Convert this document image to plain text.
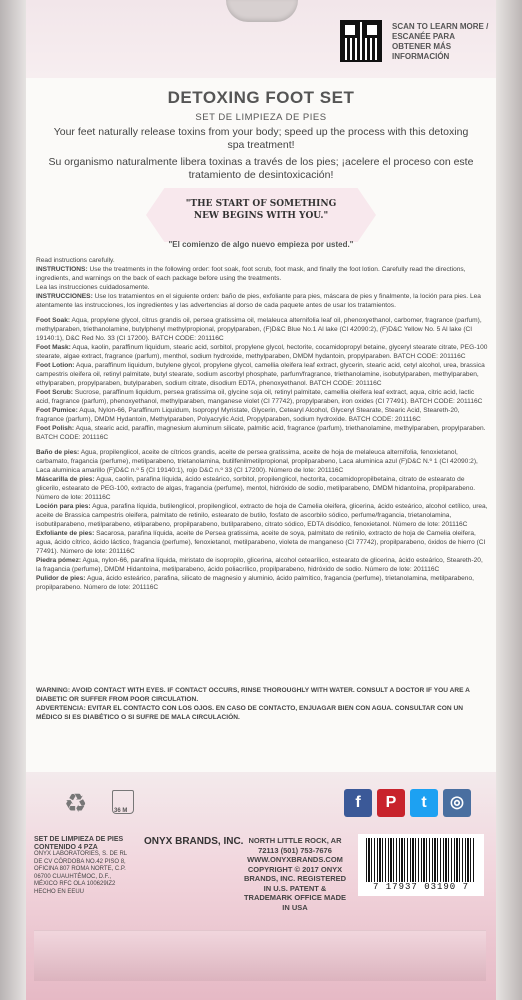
SCAN TO LEARN MORE / ESCANÉE PARA OBTENER MÁS INFORMACIÓN
DETOXING FOOT SET
SET DE LIMPIEZA DE PIES
Your feet naturally release toxins from your body; speed up the process with this detoxing spa treatment!
Su organismo naturalmente libera toxinas a través de los pies; ¡acelere el proceso con este tratamiento de desintoxicación!
"THE START OF SOMETHING NEW BEGINS WITH YOU."
"El comienzo de algo nuevo empieza por usted."

Read instructions carefully.

INSTRUCTIONS: Use the treatments in the following order: foot soak, foot scrub, foot mask, and finally the foot lotion. Carefully read the directions, ingredients, and warnings on the back of each package before using the treatments.

Lea las instrucciones cuidadosamente.

INSTRUCCIONES: Use los tratamientos en el siguiente orden: baño de pies, exfoliante para pies, máscara de pies y finalmente, la loción para pies. Lea atentamente las instrucciones, los ingredientes y las advertencias al dorso de cada paquete antes de usar los tratamientos.

Foot Soak: Aqua, propylene glycol, citrus grandis oil, persea gratissima oil, melaleuca alternifolia leaf oil, phenoxyethanol, carbomer, fragrance (parfum), methylparaben, triethanolamine, butylphenyl methylpropional, propylparaben, (F)D&C Blue No.1 Al lake (CI 42090:2), (F)D&C Yellow No. 5 Al lake (CI 19140:1), D&C Red No. 33 (CI 17200). BATCH CODE: 201116C

Foot Mask: Aqua, kaolin, paraffinum liquidum, stearic acid, sorbitol, propylene glycol, hectorite, cocamidopropyl betaine, glyceryl stearate citrate, PEG-100 stearate, algae extract, fragrance (parfum), menthol, sodium hydroxide, methylparaben, DMDM hydantoin, propylparaben. BATCH CODE: 201116C

Foot Lotion: Aqua, paraffinum liquidum, butylene glycol, propylene glycol, camellia oleifera leaf extract, glycerin, stearic acid, cetyl alcohol, urea, brassica campestris oleifera oil, retinyl palmitate, butyl stearate, sodium ascorbyl phosphate, parfum/fragrance, triethanolamine, isobutylparaben, methylparaben, ethylparaben, propylparaben, butylparaben, sodium citrate, disodium EDTA, phenoxyethanol. BATCH CODE: 201116C

Foot Scrub: Sucrose, paraffinum liquidum, persea gratissima oil, glycine soja oil, retinyl palmitate, camellia oleifera leaf extract, aqua, citric acid, lactic acid, fragrance (parfum), phenoxyethanol, methylparaben, manganese violet (CI 77742), propylparaben, iron oxides (CI 77491). BATCH CODE: 201116C

Foot Pumice: Aqua, Nylon-66, Paraffinum Liquidum, Isopropyl Myristate, Glycerin, Cetearyl Alcohol, Glyceryl Stearate, Stearic Acid, Steareth-20, fragrance (parfum), DMDM Hydantoin, Methylparaben, Polyacrylic Acid, Propylparaben, sodium hydroxide. BATCH CODE: 201116C

Foot Polish: Aqua, stearic acid, paraffin, magnesium aluminum silicate, palmitic acid, fragrance (parfum), triethanolamine, methylparaben, propylparaben. BATCH CODE: 201116C

Baño de pies: Agua, propilenglicol, aceite de cítricos grandis, aceite de persea gratissima, aceite de hoja de melaleuca alternifolia, fenoxietanol, carbamato, fragancia (perfume), metilparabeno, trietanolamina, butilfenilmetilpropional, propilparabeno, Laca aluminica azul (F)D&C N.º 1 (CI 42090:2), Laca aluminica amarillo (F)D&C n.º 5 (CI 19140:1), rojo D&C n.º 33 (CI 17200). Número de lote: 201116C

Máscarilla de pies: Agua, caolín, parafina líquida, ácido esteárico, sorbitol, propilenglicol, hectorita, cocamidopropilbetaina, citrato de estearato de glicerilo, estearato de PEG-100, extracto de algas, fragancia (perfume), mentol, hidróxido de sodio, metilparabeno, DMDM hidantoína, propilparabeno. Número de lote: 201116C

Loción para pies: Agua, parafina líquida, butilenglicol, propilenglicol, extracto de hoja de Camelia oleifera, glicerina, ácido esteárico, alcohol cetílico, urea, aceite de Brassica campestris oleifera, palmitato de retinilo, estearato de butilo, fosfato de ascorbilo sódico, perfume/fragancia, trietanolamina, isobutilparabeno, metilparabeno, etilparabeno, propilparabeno, butilparabeno, citrato sódico, EDTA disódico, fenoxietanol. Número de lote: 201116C

Exfoliante de pies: Sacarosa, parafina líquida, aceite de Persea gratissima, aceite de soya, palmitato de retinilo, extracto de hoja de Camelia oleifera, agua, ácido cítrico, ácido láctico, fragancia (perfume), fenoxietanol, metilparabeno, violeta de manganeso (CI 77742), propilparabeno, óxidos de hierro (CI 77491). Número de lote: 201116C

Piedra pómez: Agua, nylon-66, parafina líquida, miristato de isopropilo, glicerina, alcohol cetearílico, estearato de glicerina, ácido esteárico, Steareth-20, la fragancia (perfume), DMDM Hidantoína, metilparabeno, ácido poliacrílico, propilparabeno, hidróxido de sodio. Número de lote: 201116C

Pulidor de pies: Agua, ácido esteárico, parafina, silicato de magnesio y aluminio, ácido palmítico, fragancia (perfume), trietanolamina, metilparabeno, propilparabeno. Número de lote: 201116C

WARNING: AVOID CONTACT WITH EYES. IF CONTACT OCCURS, RINSE THOROUGHLY WITH WATER. CONSULT A DOCTOR IF YOU ARE A DIABETIC OR SUFFER FROM POOR CIRCULATION.

ADVERTENCIA: EVITAR EL CONTACTO CON LOS OJOS. EN CASO DE CONTACTO, ENJUAGAR BIEN CON AGUA. CONSULTAR CON UN MÉDICO SI ES DIABÉTICO O SI SUFRE DE MALA CIRCULACIÓN.

♻	36 M	f	P	t	◎
SET DE LIMPIEZA DE PIES
CONTENIDO 4 PZA
ONYX LABORATORIES, S. DE RL DE CV CÓRDOBA NO.42 PISO 8, OFICINA 807 ROMA NORTE, C.P. 06700 CUAUHTÉMOC, D.F., MÉXICO RFC OLA 100629IZ2 HECHO EN EEUU
ONYX BRANDS, INC. NORTH LITTLE ROCK, AR 72113 (501) 753-7676 WWW.ONYXBRANDS.COM COPYRIGHT © 2017 ONYX BRANDS, INC. REGISTERED IN U.S. PATENT & TRADEMARK OFFICE MADE IN USA
7 17937 03190 7
